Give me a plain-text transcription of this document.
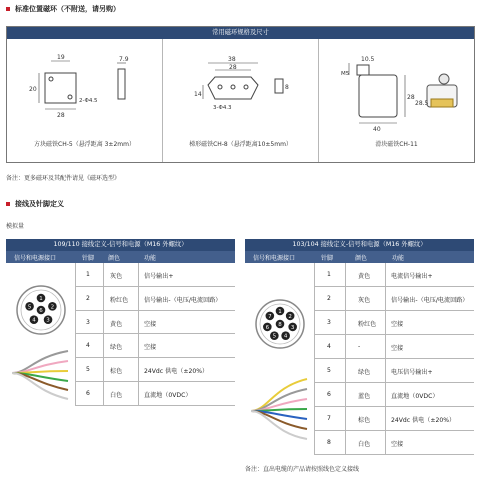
标准位置磁环（不附送，请另购）
常用磁环规格及尺寸
19
20
28
7.9
2-Φ4.5
方块磁铁CH-5（悬浮距离 3±2mm）
38
28
14
8
3-Φ4.3
梯形磁铁CH-8（悬浮距离10±5mm）
10.5
M5
28
28.5
40
滑块磁铁CH-11
备注：更多磁环及其配件请见《磁环选型》
接线及针脚定义
模拟量
109/110 接线定义-信号和电源（M16 外螺纹）
信号和电源接口	针脚 颜色	功能
1	灰色	信号输出+
2	粉红色	信号输出-（电压/电流回路）
3	黄色	空接
4	绿色	空接
5	棕色	24Vdc 供电（±20%）
6	白色	直流地（0VDC）
1
2
3
4
5
6
103/104 接线定义-信号和电源（M16 外螺纹）
信号和电源接口	针脚	颜色	功能
1	黄色	电流信号输出+
2	灰色	信号输出-（电压/电流回路）
3	粉红色 空接
4	-	空接
5	绿色	电压信号输出+
6	蓝色	直流地（0VDC）
7	棕色	24Vdc 供电（±20%）
8	白色	空接
1
2
3
4
5
6
7
8
备注：直出电缆的产品请按照线色定义接线
